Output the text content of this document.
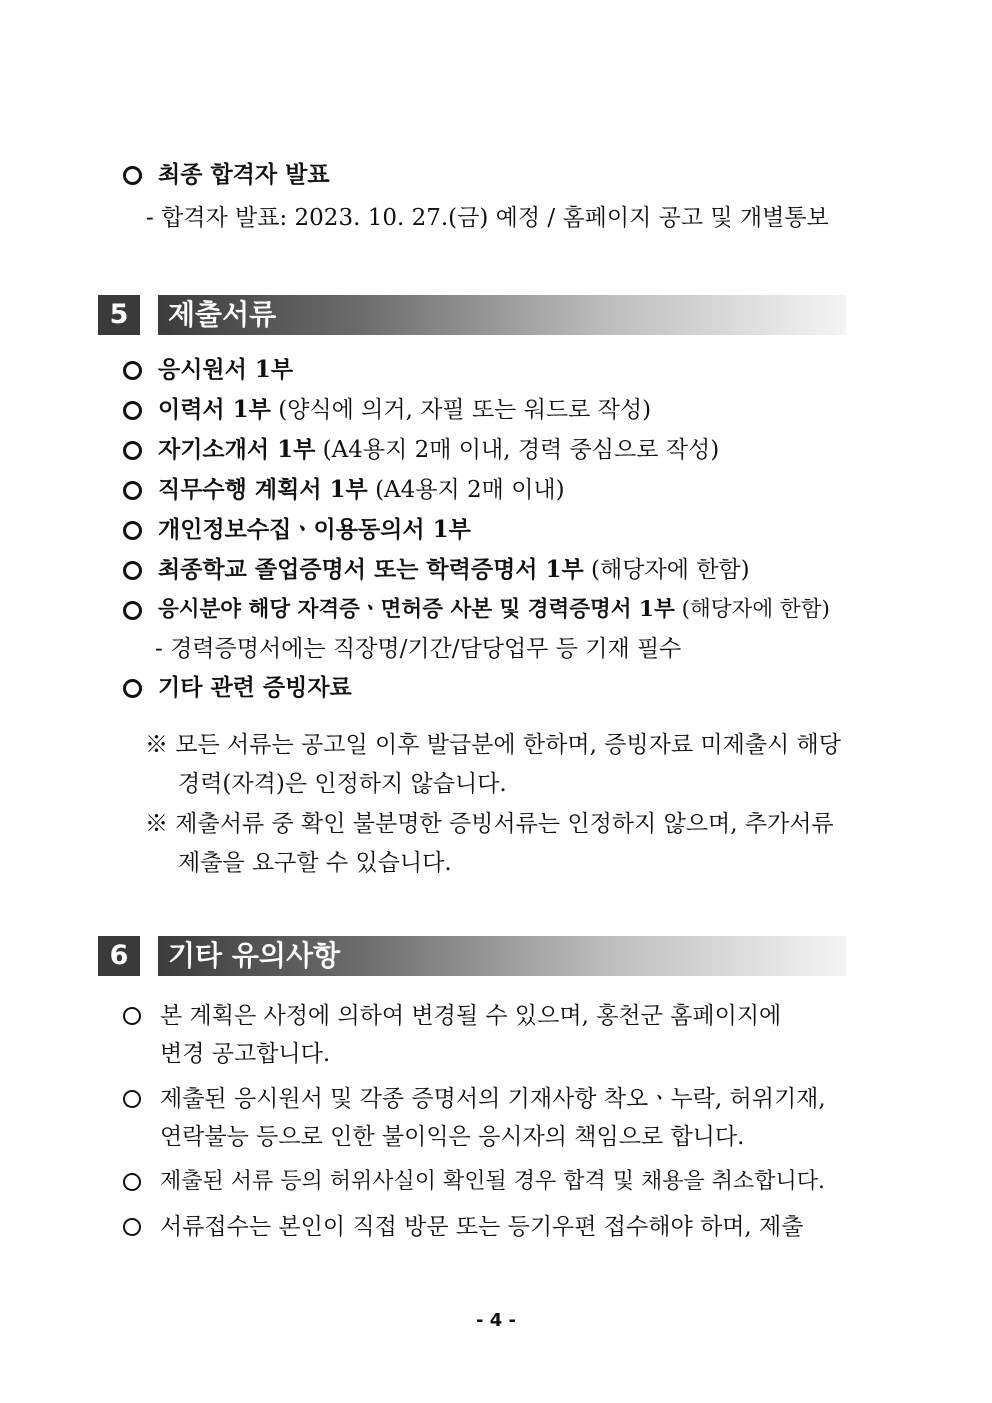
최종 합격자 발표
- 합격자 발표: 2023. 10. 27.(금) 예정 / 홈페이지 공고 및 개별통보
5	제출서류
응시원서 1부
이력서 1부 (양식에 의거, 자필 또는 워드로 작성)
자기소개서 1부 (A4용지 2매 이내, 경력 중심으로 작성)
직무수행 계획서 1부 (A4용지 2매 이내)
개인정보수집ㆍ이용동의서 1부
최종학교 졸업증명서 또는 학력증명서 1부 (해당자에 한함)
응시분야 해당 자격증ㆍ면허증 사본 및 경력증명서 1부 (해당자에 한함)
- 경력증명서에는 직장명/기간/담당업무 등 기재 필수
기타 관련 증빙자료
※ 모든 서류는 공고일 이후 발급분에 한하며, 증빙자료 미제출시 해당
경력(자격)은 인정하지 않습니다.
※ 제출서류 중 확인 불분명한 증빙서류는 인정하지 않으며, 추가서류
제출을 요구할 수 있습니다.
6	기타 유의사항
본 계획은 사정에 의하여 변경될 수 있으며, 홍천군 홈페이지에
변경 공고합니다.
제출된 응시원서 및 각종 증명서의 기재사항 착오ㆍ누락, 허위기재,
연락불능 등으로 인한 불이익은 응시자의 책임으로 합니다.
제출된 서류 등의 허위사실이 확인될 경우 합격 및 채용을 취소합니다.
서류접수는 본인이 직접 방문 또는 등기우편 접수해야 하며, 제출
- 4 -
